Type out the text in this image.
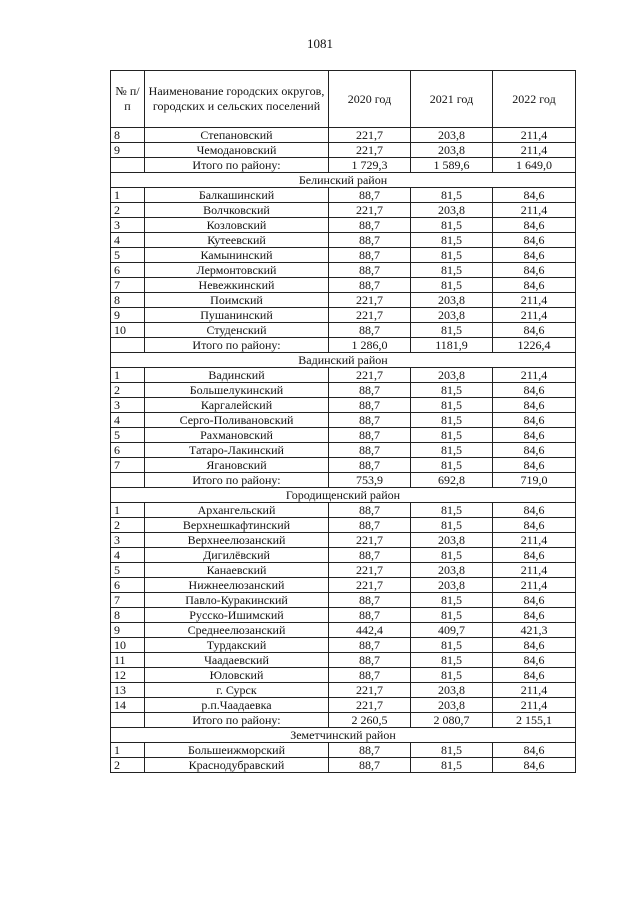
1081
№ п/п	Наименование городских округов, городских и сельских поселений	2020 год	2021 год	2022 год
8	Степановский	221,7	203,8	211,4
9	Чемодановский	221,7	203,8	211,4
	Итого по району:	1 729,3	1 589,6	1 649,0
Белинский район				
1	Балкашинский	88,7	81,5	84,6
2	Волчковский	221,7	203,8	211,4
3	Козловский	88,7	81,5	84,6
4	Кутеевский	88,7	81,5	84,6
5	Камынинский	88,7	81,5	84,6
6	Лермонтовский	88,7	81,5	84,6
7	Невежкинский	88,7	81,5	84,6
8	Поимский	221,7	203,8	211,4
9	Пушанинский	221,7	203,8	211,4
10	Студенский	88,7	81,5	84,6
	Итого по району:	1 286,0	1181,9	1226,4
Вадинский район				
1	Вадинский	221,7	203,8	211,4
2	Большелукинский	88,7	81,5	84,6
3	Каргалейский	88,7	81,5	84,6
4	Серго-Поливановский	88,7	81,5	84,6
5	Рахмановский	88,7	81,5	84,6
6	Татаро-Лакинский	88,7	81,5	84,6
7	Ягановский	88,7	81,5	84,6
	Итого по району:	753,9	692,8	719,0
Городищенский район				
1	Архангельский	88,7	81,5	84,6
2	Верхнешкафтинский	88,7	81,5	84,6
3	Верхнеелюзанский	221,7	203,8	211,4
4	Дигилёвский	88,7	81,5	84,6
5	Канаевский	221,7	203,8	211,4
6	Нижнеелюзанский	221,7	203,8	211,4
7	Павло-Куракинский	88,7	81,5	84,6
8	Русско-Ишимский	88,7	81,5	84,6
9	Среднеелюзанский	442,4	409,7	421,3
10	Турдакский	88,7	81,5	84,6
11	Чаадаевский	88,7	81,5	84,6
12	Юловский	88,7	81,5	84,6
13	г. Сурск	221,7	203,8	211,4
14	р.п.Чаадаевка	221,7	203,8	211,4
	Итого по району:	2 260,5	2 080,7	2 155,1
Земетчинский район				
1	Большеижморский	88,7	81,5	84,6
2	Краснодубравский	88,7	81,5	84,6
